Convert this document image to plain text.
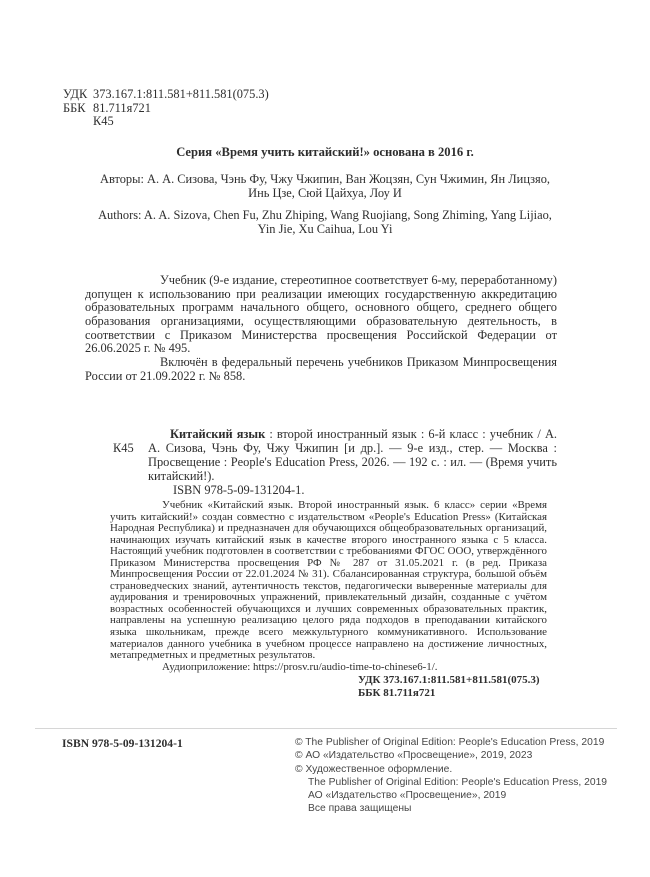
УДК 373.167.1:811.581+811.581(075.3)
ББК 81.711я721
К45
Серия «Время учить китайский!» основана в 2016 г.
Авторы: А. А. Сизова, Чэнь Фу, Чжу Чжипин, Ван Жоцзян, Сун Чжимин, Ян Лицзяо,
Инь Цзе, Сюй Цайхуа, Лоу И
Authors: A. A. Sizova, Chen Fu, Zhu Zhiping, Wang Ruojiang, Song Zhiming, Yang Lijiao,
Yin Jie, Xu Caihua, Lou Yi

Учебник (9-е издание, стереотипное соответствует 6-му, переработанному) допущен к использованию при реализации имеющих государственную аккредитацию образовательных программ начального общего, основного общего, среднего общего образования организациями, осуществляющими образовательную деятельность, в соответствии с Приказом Министерства просвещения Российской Федерации от 26.06.2025 г. № 495.

Включён в федеральный перечень учебников Приказом Минпросвещения России от 21.09.2022 г. № 858.

К45

Китайский язык : второй иностранный язык : 6-й класс : учебник / А. А. Сизова, Чэнь Фу, Чжу Чжипин [и др.]. — 9-е изд., стер. — Москва : Просвещение : People's Education Press, 2026. — 192 с. : ил. — (Время учить китайский!).

ISBN 978-5-09-131204-1.

Учебник «Китайский язык. Второй иностранный язык. 6 класс» серии «Время учить китайский!» создан совместно с издательством «People's Education Press» (Китайская Народная Республика) и предназначен для обучающихся общеобразовательных организаций, начинающих изучать китайский язык в качестве второго иностранного языка с 5 класса. Настоящий учебник подготовлен в соответствии с требованиями ФГОС ООО, утверждённого Приказом Министерства просвещения РФ № 287 от 31.05.2021 г. (в ред. Приказа Минпросвещения России от 22.01.2024 № 31). Сбалансированная структура, большой объём страноведческих знаний, аутентичность текстов, педагогически выверенные материалы для аудирования и тренировочных упражнений, привлекательный дизайн, созданные с учётом возрастных особенностей обучающихся и лучших современных образовательных практик, направлены на успешную реализацию целого ряда подходов в преподавании китайского языка школьникам, прежде всего межкультурного коммуникативного. Использование материалов данного учебника в учебном процессе направлено на достижение личностных, метапредметных и предметных результатов.

Аудиоприложение: https://prosv.ru/audio-time-to-chinese6-1/.

УДК 373.167.1:811.581+811.581(075.3)
ББК 81.711я721
ISBN 978-5-09-131204-1	© The Publisher of Original Edition: People's Education Press, 2019
© АО «Издательство «Просвещение», 2019, 2023
© Художественное оформление.
The Publisher of Original Edition: People's Education Press, 2019
АО «Издательство «Просвещение», 2019
Все права защищены
